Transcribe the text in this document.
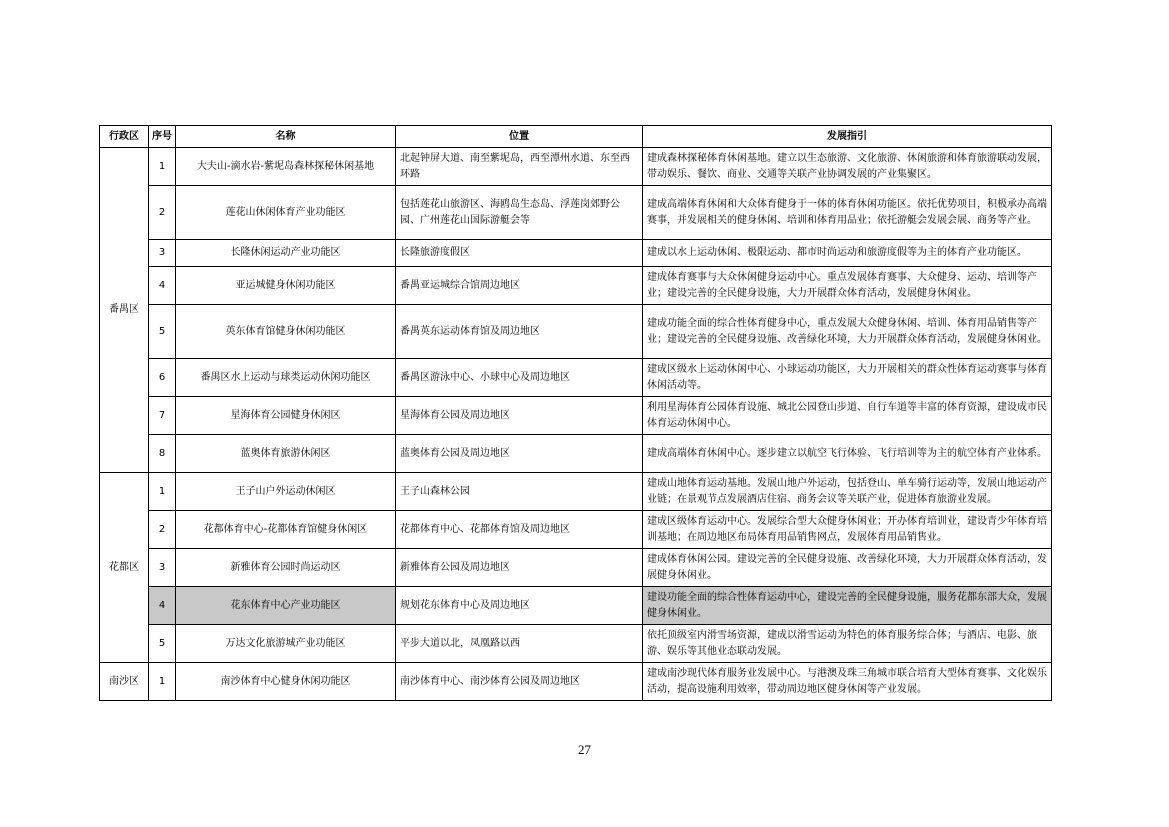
行政区	序号	名称	位置	发展指引
番禺区	1	大夫山-滴水岩-紫坭岛森林探秘休闲基地	北起钟屏大道、南至紫坭岛，西至潭州水道、东至西环路	建成森林探秘体育休闲基地。建立以生态旅游、文化旅游、休闲旅游和体育旅游联动发展，带动娱乐、餐饮、商业、交通等关联产业协调发展的产业集聚区。
	2	莲花山休闲体育产业功能区	包括莲花山旅游区、海鸥岛生态岛、浮莲岗郊野公园、广州莲花山国际游艇会等	建成高端体育休闲和大众体育健身于一体的体育休闲功能区。依托优势项目，积极承办高端赛事，并发展相关的健身休闲、培训和体育用品业；依托游艇会发展会展、商务等产业。
	3	长隆休闲运动产业功能区	长隆旅游度假区	建成以水上运动休闲、极限运动、都市时尚运动和旅游度假等为主的体育产业功能区。
	4	亚运城健身休闲功能区	番禺亚运城综合馆周边地区	建成体育赛事与大众休闲健身运动中心。重点发展体育赛事、大众健身、运动、培训等产业；建设完善的全民健身设施，大力开展群众体育活动，发展健身休闲业。
	5	英东体育馆健身休闲功能区	番禺英东运动体育馆及周边地区	建成功能全面的综合性体育健身中心，重点发展大众健身休闲、培训、体育用品销售等产业；建设完善的全民健身设施、改善绿化环境，大力开展群众体育活动，发展健身休闲业。
	6	番禺区水上运动与球类运动休闲功能区	番禺区游泳中心、小球中心及周边地区	建成区级水上运动休闲中心、小球运动功能区，大力开展相关的群众性体育运动赛事与体育休闲活动等。
	7	星海体育公园健身休闲区	星海体育公园及周边地区	利用星海体育公园体育设施、城北公园登山步道、自行车道等丰富的体育资源，建设成市民体育运动休闲中心。
	8	蓝奥体育旅游休闲区	蓝奥体育公园及周边地区	建成高端体育休闲中心。逐步建立以航空飞行体验、飞行培训等为主的航空体育产业体系。
花都区	1	王子山户外运动休闲区	王子山森林公园	建成山地体育运动基地。发展山地户外运动，包括登山、单车骑行运动等，发展山地运动产业链；在景观节点发展酒店住宿、商务会议等关联产业，促进体育旅游业发展。
	2	花都体育中心-花都体育馆健身休闲区	花都体育中心、花都体育馆及周边地区	建成区级体育运动中心。发展综合型大众健身休闲业；开办体育培训业，建设青少年体育培训基地；在周边地区布局体育用品销售网点，发展体育用品销售业。
	3	新雅体育公园时尚运动区	新雅体育公园及周边地区	建成体育休闲公园。建设完善的全民健身设施、改善绿化环境，大力开展群众体育活动，发展健身休闲业。
	4	花东体育中心产业功能区	规划花东体育中心及周边地区	建设功能全面的综合性体育运动中心，建设完善的全民健身设施，服务花都东部大众，发展健身休闲业。
	5	万达文化旅游城产业功能区	平步大道以北，凤凰路以西	依托顶级室内滑雪场资源，建成以滑雪运动为特色的体育服务综合体；与酒店、电影、旅游、娱乐等其他业态联动发展。
南沙区	1	南沙体育中心健身休闲功能区	南沙体育中心、南沙体育公园及周边地区	建成南沙现代体育服务业发展中心。与港澳及珠三角城市联合培育大型体育赛事、文化娱乐活动，提高设施利用效率，带动周边地区健身休闲等产业发展。
27
